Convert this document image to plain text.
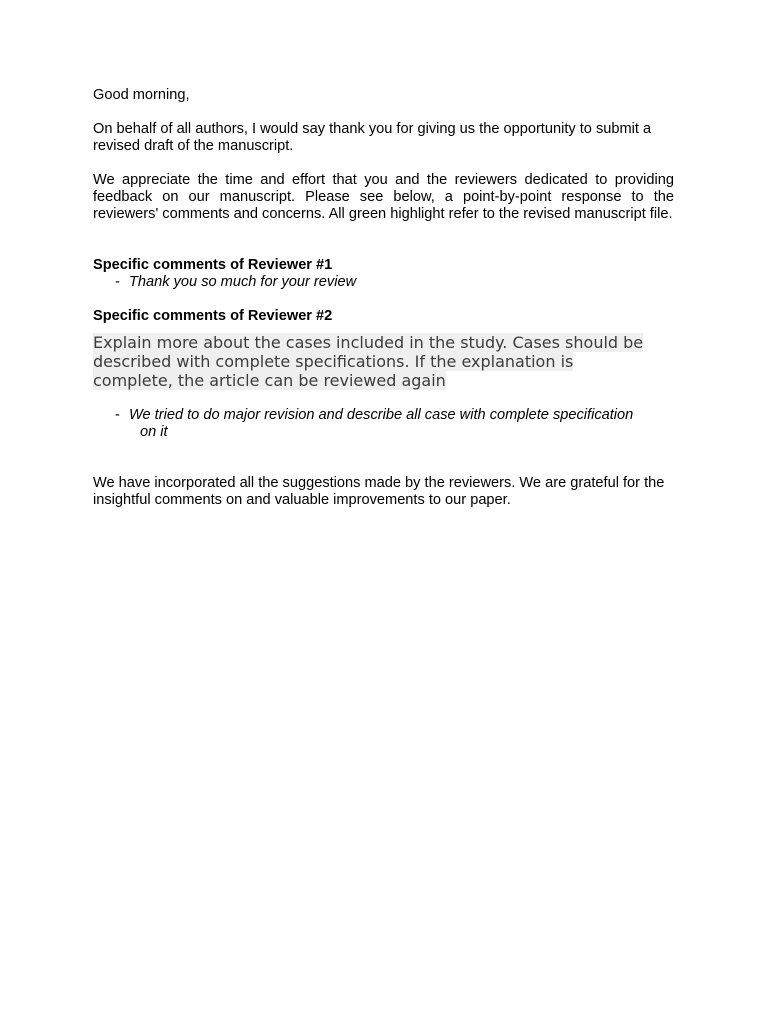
Good morning,

On behalf of all authors, I would say thank you for giving us the opportunity to submit a revised draft of the manuscript.

We appreciate the time and effort that you and the reviewers dedicated to providing feedback on our manuscript. Please see below, a point-by-point response to the reviewers' comments and concerns. All green highlight refer to the revised manuscript file.

Specific comments of Reviewer #1

- Thank you so much for your review

Specific comments of Reviewer #2

Explain more about the cases included in the study. Cases should be
described with complete specifications. If the explanation is
complete, the article can be reviewed again
- We tried to do major revision and describe all case with complete specification
on it

We have incorporated all the suggestions made by the reviewers. We are grateful for the insightful comments on and valuable improvements to our paper.
